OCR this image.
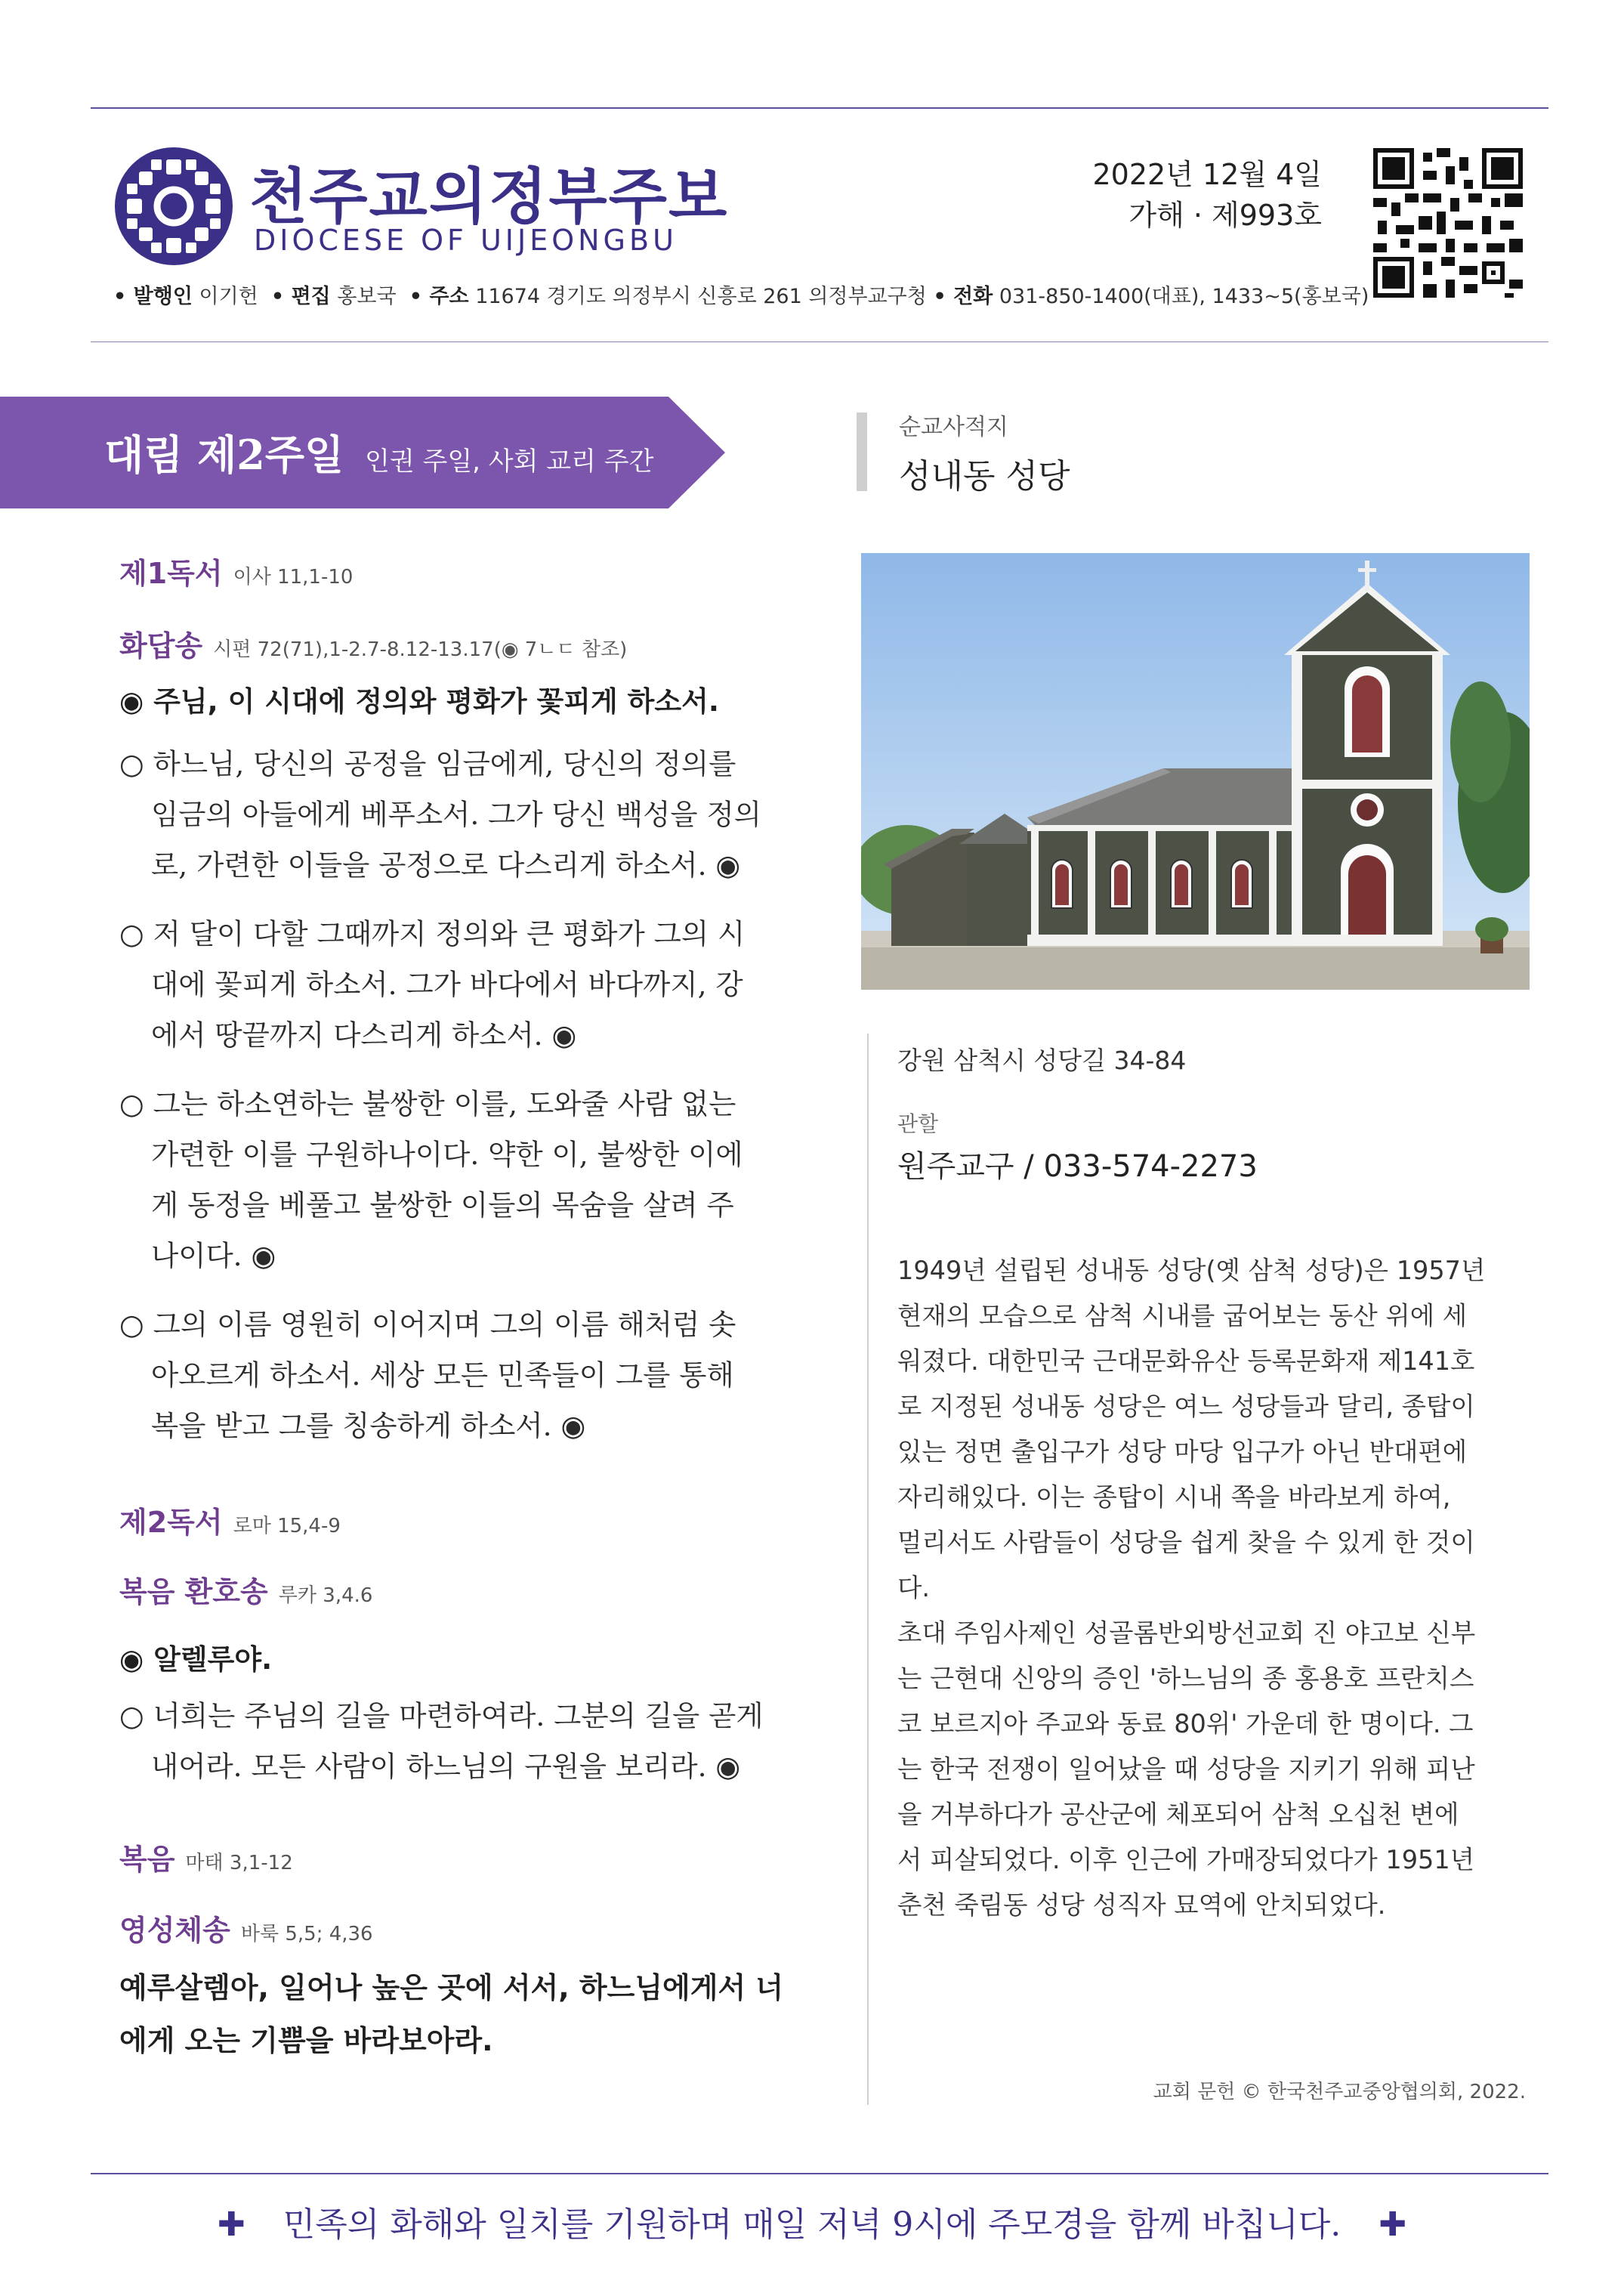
천주교의정부주보
DIOCESE OF UIJEONGBU
2022년 12월 4일
가해 · 제993호
• 발행인 이기헌 • 편집 홍보국 • 주소 11674 경기도 의정부시 신흥로 261 의정부교구청 • 전화 031-850-1400(대표), 1433~5(홍보국)
대림 제2주일 인권 주일, 사회 교리 주간
제1독서 이사 11,1-10
화답송 시편 72(71),1-2.7-8.12-13.17(◉ 7ㄴㄷ 참조)
◉ 주님, 이 시대에 정의와 평화가 꽃피게 하소서.
○ 하느님, 당신의 공정을 임금에게, 당신의 정의를
임금의 아들에게 베푸소서. 그가 당신 백성을 정의
로, 가련한 이들을 공정으로 다스리게 하소서. ◉
○ 저 달이 다할 그때까지 정의와 큰 평화가 그의 시
대에 꽃피게 하소서. 그가 바다에서 바다까지, 강
에서 땅끝까지 다스리게 하소서. ◉
○ 그는 하소연하는 불쌍한 이를, 도와줄 사람 없는
가련한 이를 구원하나이다. 약한 이, 불쌍한 이에
게 동정을 베풀고 불쌍한 이들의 목숨을 살려 주
나이다. ◉
○ 그의 이름 영원히 이어지며 그의 이름 해처럼 솟
아오르게 하소서. 세상 모든 민족들이 그를 통해
복을 받고 그를 칭송하게 하소서. ◉
제2독서 로마 15,4-9
복음 환호송 루카 3,4.6
◉ 알렐루야.
○ 너희는 주님의 길을 마련하여라. 그분의 길을 곧게
내어라. 모든 사람이 하느님의 구원을 보리라. ◉
복음 마태 3,1-12
영성체송 바룩 5,5; 4,36
예루살렘아, 일어나 높은 곳에 서서, 하느님에게서 너
에게 오는 기쁨을 바라보아라.
순교사적지
성내동 성당
강원 삼척시 성당길 34-84
관할
원주교구 / 033-574-2273
1949년 설립된 성내동 성당(옛 삼척 성당)은 1957년
현재의 모습으로 삼척 시내를 굽어보는 동산 위에 세
워졌다. 대한민국 근대문화유산 등록문화재 제141호
로 지정된 성내동 성당은 여느 성당들과 달리, 종탑이
있는 정면 출입구가 성당 마당 입구가 아닌 반대편에
자리해있다. 이는 종탑이 시내 쪽을 바라보게 하여,
멀리서도 사람들이 성당을 쉽게 찾을 수 있게 한 것이
다.
초대 주임사제인 성골롬반외방선교회 진 야고보 신부
는 근현대 신앙의 증인 '하느님의 종 홍용호 프란치스
코 보르지아 주교와 동료 80위' 가운데 한 명이다. 그
는 한국 전쟁이 일어났을 때 성당을 지키기 위해 피난
을 거부하다가 공산군에 체포되어 삼척 오십천 변에
서 피살되었다. 이후 인근에 가매장되었다가 1951년
춘천 죽림동 성당 성직자 묘역에 안치되었다.
교회 문헌 © 한국천주교중앙협의회, 2022.
✚ 민족의 화해와 일치를 기원하며 매일 저녁 9시에 주모경을 함께 바칩니다. ✚
